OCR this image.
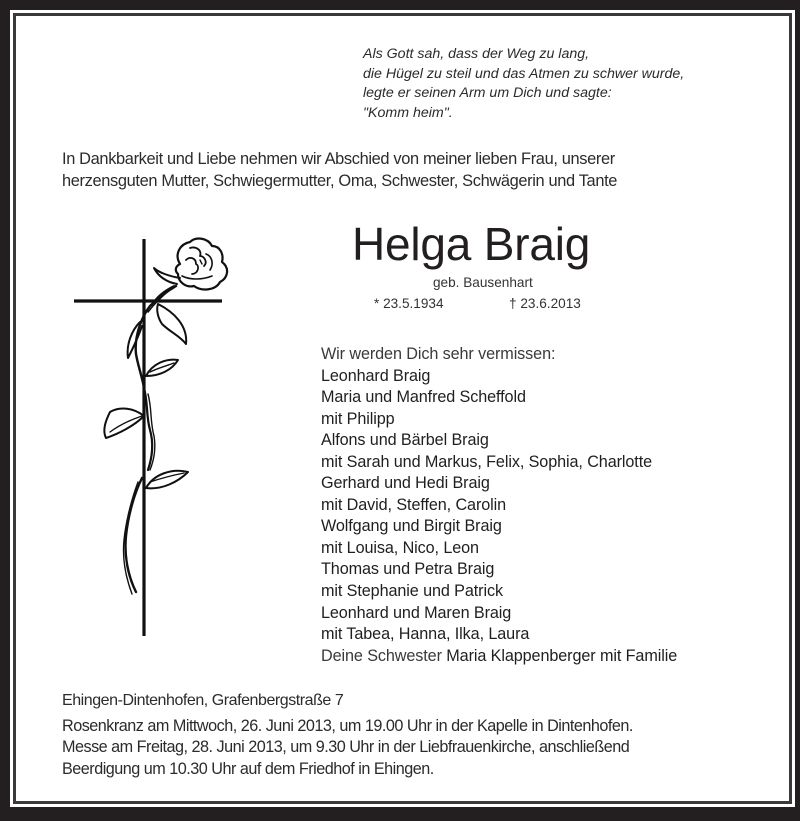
Als Gott sah, dass der Weg zu lang,
die Hügel zu steil und das Atmen zu schwer wurde,
legte er seinen Arm um Dich und sagte:
"Komm heim".
In Dankbarkeit und Liebe nehmen wir Abschied von meiner lieben Frau, unserer
herzensguten Mutter, Schwiegermutter, Oma, Schwester, Schwägerin und Tante
Helga Braig
geb. Bausenhart
* 23.5.1934	† 23.6.2013
Wir werden Dich sehr vermissen:
Leonhard Braig
Maria und Manfred Scheffold
mit Philipp
Alfons und Bärbel Braig
mit Sarah und Markus, Felix, Sophia, Charlotte
Gerhard und Hedi Braig
mit David, Steffen, Carolin
Wolfgang und Birgit Braig
mit Louisa, Nico, Leon
Thomas und Petra Braig
mit Stephanie und Patrick
Leonhard und Maren Braig
mit Tabea, Hanna, Ilka, Laura
Deine Schwester Maria Klappenberger mit Familie
Ehingen-Dintenhofen, Grafenbergstraße 7
Rosenkranz am Mittwoch, 26. Juni 2013, um 19.00 Uhr in der Kapelle in Dintenhofen.
Messe am Freitag, 28. Juni 2013, um 9.30 Uhr in der Liebfrauenkirche, anschließend
Beerdigung um 10.30 Uhr auf dem Friedhof in Ehingen.
